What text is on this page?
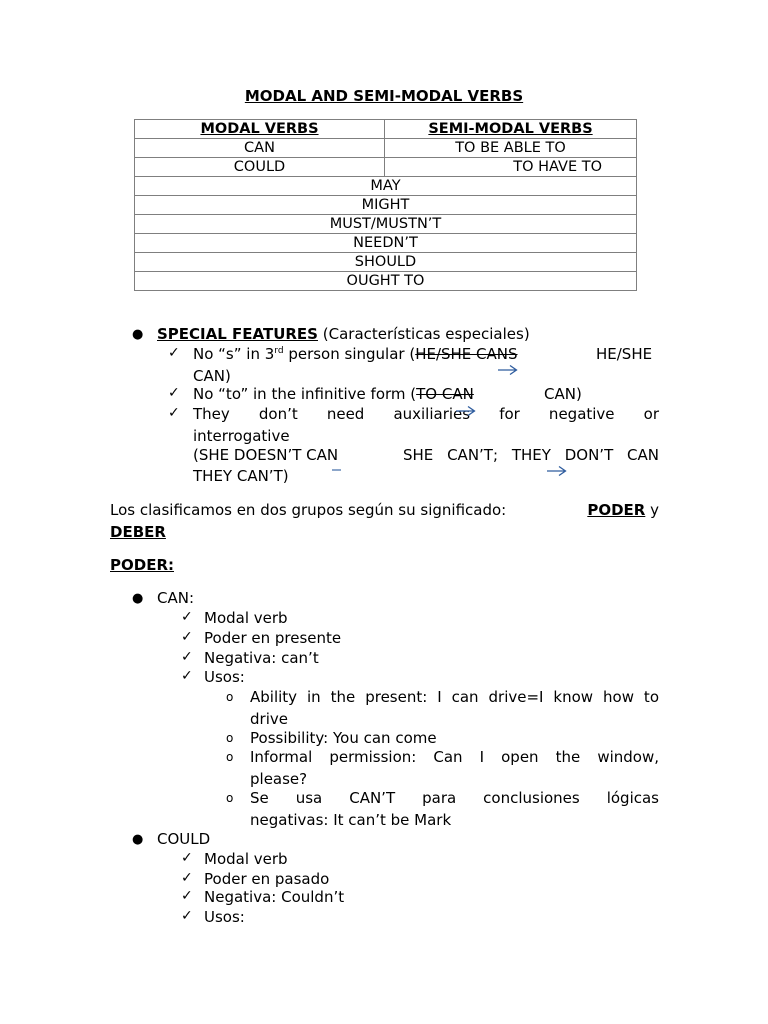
MODAL AND SEMI-MODAL VERBS
MODAL VERBS	SEMI-MODAL VERBS
CAN	TO BE ABLE TO
COULD	TO HAVE TO
MAY	
MIGHT	
MUST/MUSTN’T	
NEEDN’T	
SHOULD	
OUGHT TO	
● SPECIAL FEATURES (Características especiales)
✓ No “s” in 3rd person singular (HE/SHE CANS	HE/SHE
CAN)
✓ No “to” in the infinitive form (TO CAN	CAN)
✓ They don’t need auxiliaries for negative or
interrogative
(SHE DOESN’T CAN	SHE CAN’T; THEY DON’T CAN
THEY CAN’T)
Los clasificamos en dos grupos según su significado:	PODER y
DEBER
PODER:
● CAN:
✓ Modal verb
✓ Poder en presente
✓ Negativa: can’t
✓ Usos:
o Ability in the present: I can drive=I know how to
drive
o Possibility: You can come
o Informal permission: Can I open the window,
please?
o Se usa CAN’T para conclusiones lógicas
negativas: It can’t be Mark
● COULD
✓ Modal verb
✓ Poder en pasado
✓ Negativa: Couldn’t
✓ Usos:
